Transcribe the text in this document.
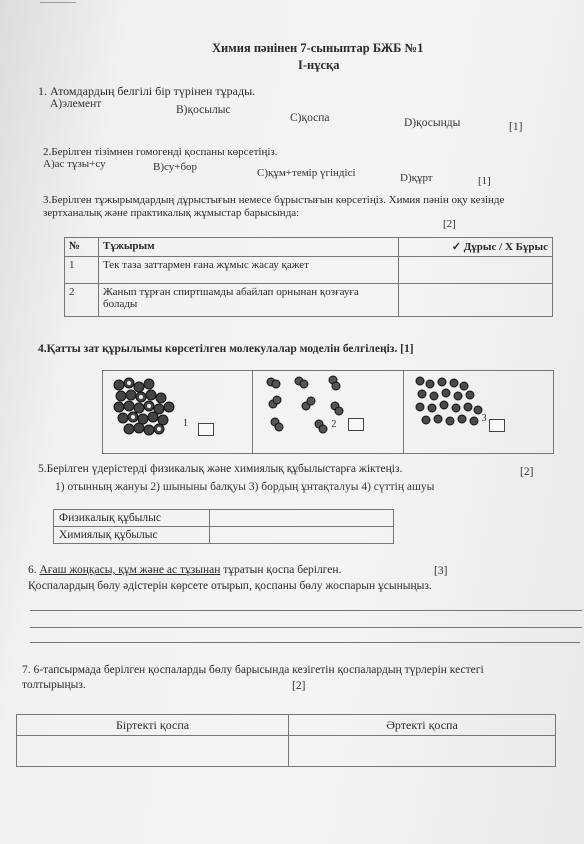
Химия пәнінен 7-сыныптар БЖБ №1
I-нұсқа
1. Атомдардың белгілі бір түрінен тұрады.
А)элемент	В)қосылыс
С)қоспа	D)қосынды	[1]
2.Берілген тізімнен гомогенді қоспаны көрсетіңіз.
А)ас тұзы+су	В)су+бор	С)құм+темір үгіндісі	D)құрт	[1]
3.Берілген тұжырымдардың дұрыстығын немесе бұрыстығын көрсетіңіз. Химия пәнін оқу кезінде
зертханалық және практикалық жұмыстар барысында:
[2]
№	Тұжырым	✓ Дұрыс / X Бұрыс
1	Тек таза заттармен ғана жұмыс жасау қажет	
2	Жанып тұрған спиртшамды абайлап орнынан қозғауға болады	
4.Қатты зат құрылымы көрсетілген молекулалар моделін белгілеңіз. [1]
1	2
3
5.Берілген үдерістерді физикалық және химиялық құбылыстарға жіктеңіз.	[2]
1) отынның жануы 2) шыныны балқуы 3) бордың ұнтақталуы 4) сүттің ашуы
Физикалық құбылыс	
Химиялық құбылыс	
6. Ағаш жоңқасы, құм және ас тұзынан тұратын қоспа берілген.	[3]
Қоспалардың бөлу әдістерін көрсете отырып, қоспаны бөлу жоспарын ұсыныңыз.
7. 6-тапсырмада берілген қоспаларды бөлу барысында кезігетін қоспалардың түрлерін кестегі
толтырыңыз.	[2]
Біртекті қоспа	Әртекті қоспа
